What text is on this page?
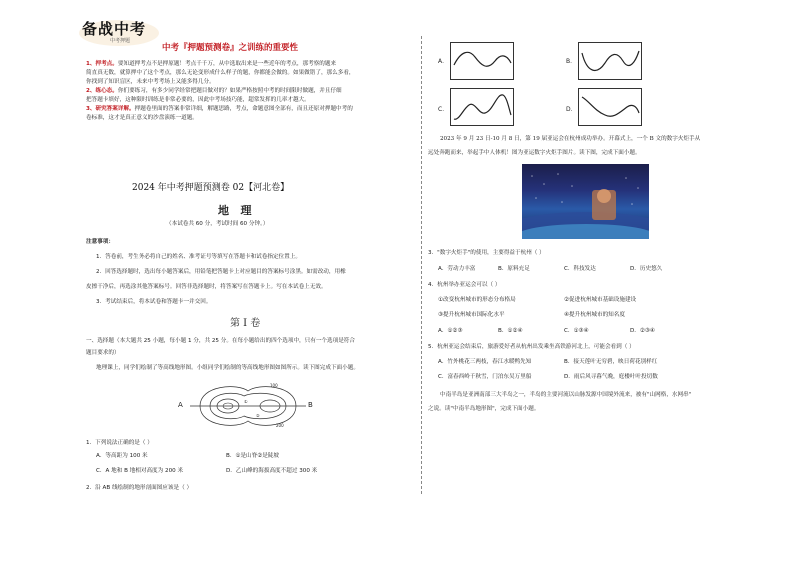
备战中考
中考押题
中考『押题预测卷』之训练的重要性
1、押考点。要知道押考点不是押原题！考点千千万，从中选取出来是一些近年的考点，那考察的题来
简直真无数，就算押中了这个考点，那么无论变形成什么样子的题，你都能会做的。如果做错了，那么多看，
你找到了知识盲区，未来中考考场上又能多得几分。
2、练心态。你们要练习，有多少同学经常把题目做对的？如果严格按照中考的时间限时做题，并且仔细
把答题卡填好，这种限时训练是非常必要的，因此中考场技巧能，超常发挥的几率才越大。
3、研究答案详解。押题卷里面的答案非常详细，解题思路，考点，命题意图全部有，而且还原对押题中考的
卷标准，这才是真正意义的沙盘演练一道题。
2024 年中考押题预测卷 02【河北卷】
地   理
（本试卷共 60 分，考试时间 60 分钟。）
注意事项：
1．答卷前，考生务必将自己的姓名、准考证号等填写在答题卡和试卷指定位置上。
2．回答选择题时，选出每小题答案后，用铅笔把答题卡上对应题目的答案标号涂黑。如需改动，用橡
皮擦干净后，再选涂其他答案标号。回答非选择题时，将答案写在答题卡上。写在本试卷上无效。
3．考试结束后，将本试卷和答题卡一并交回。
第 I 卷
一、选择题（本大题共 25 小题，每小题 1 分，共 25 分。在每小题给出的四个选项中，只有一个选项是符合
题目要求的）
地理课上，同学们绘制了等高线地形图。小组同学们绘制的等高线地形图如图所示。读下图完成下面小题。
A	B
100
200
①
②
1．下列说法正确的是（ ）
A．等高距为 100 米	B．①是山脊②是陡坡
C．A 地和 B 地相对高度为 200 米	D．乙山峰的海拔高度不超过 300 米
2．沿 AB 线绘制的地形剖面图应该是（ ）
A．	B．
C．	D．
2023 年 9 月 23 日-10 月 8 日，第 19 届亚运会在杭州成功举办。开幕式上，一个 B 文的数字火炬手从
远处奔跑而来，举起手中人体机！图为亚运数字火炬手图片。读下图，完成下面小题。
3．"数字火炬手"的使用，主要得益于杭州（ ）
A．劳动力丰富	B．原料充足	C．科技发达	D．历史悠久
4．杭州举办亚运会可以（ ）
①改变杭州城市的形态分布格局	②促进杭州城市基础设施建设
③提升杭州城市国际化水平	④提升杭州城市的知名度
A．①②③	B．①②④	C．①③④	D．②③④
5．杭州亚运会结束后，旅游爱好者从杭州出发乘坐高铁游河北上，可能会看到（ ）
A．竹外桃花三两枝，春江水暖鸭先知	B．接天莲叶无穷碧，映日荷花别样红
C．富春西岭千秋雪，门泊东吴万里船	D．雨后风寻暮气晚，庭楼叶叶投切数
中南半岛是亚洲南部三大半岛之一，半岛的主要河流以山脉发源中国境外流来，被有"山网格，水网串"
之说。读"中南半岛地形图"，完成下面小题。
